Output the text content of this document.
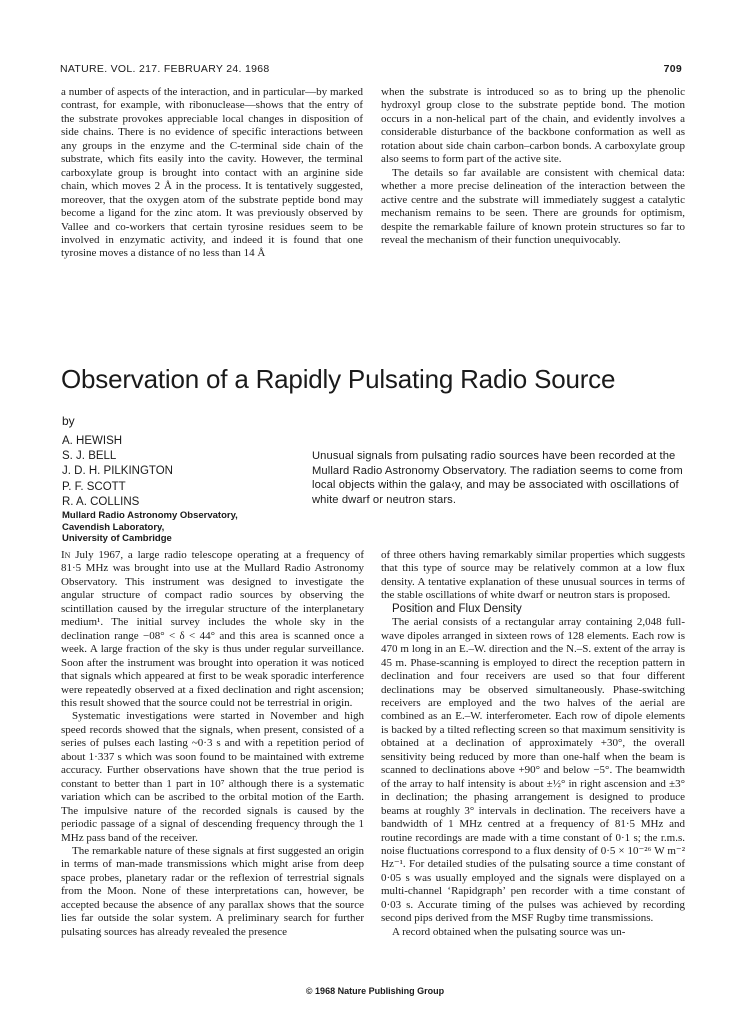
NATURE. VOL. 217. FEBRUARY 24. 1968	709

a number of aspects of the interaction, and in particular—by marked contrast, for example, with ribonuclease—shows that the entry of the substrate provokes appreciable local changes in disposition of side chains. There is no evidence of specific interactions between any groups in the enzyme and the C-terminal side chain of the substrate, which fits easily into the cavity. However, the terminal carboxylate group is brought into contact with an arginine side chain, which moves 2 Å in the process. It is tentatively suggested, moreover, that the oxygen atom of the substrate peptide bond may become a ligand for the zinc atom. It was previously observed by Vallee and co-workers that certain tyrosine residues seem to be involved in enzymatic activity, and indeed it is found that one tyrosine moves a distance of no less than 14 Å

when the substrate is introduced so as to bring up the phenolic hydroxyl group close to the substrate peptide bond. The motion occurs in a non-helical part of the chain, and evidently involves a considerable disturbance of the backbone conformation as well as rotation about side chain carbon–carbon bonds. A carboxylate group also seems to form part of the active site.

The details so far available are consistent with chemical data: whether a more precise delineation of the interaction between the active centre and the substrate will immediately suggest a catalytic mechanism remains to be seen. There are grounds for optimism, despite the remarkable failure of known protein structures so far to reveal the mechanism of their function unequivocably.

Observation of a Rapidly Pulsating Radio Source
by
A. HEWISH
S. J. BELL
J. D. H. PILKINGTON
P. F. SCOTT
R. A. COLLINS
Mullard Radio Astronomy Observatory,
Cavendish Laboratory,
University of Cambridge
Unusual signals from pulsating radio sources have been recorded at the Mullard Radio Astronomy Observatory. The radiation seems to come from local objects within the gala‹y, and may be associated with oscillations of white dwarf or neutron stars.

In July 1967, a large radio telescope operating at a frequency of 81·5 MHz was brought into use at the Mullard Radio Astronomy Observatory. This instrument was designed to investigate the angular structure of compact radio sources by observing the scintillation caused by the irregular structure of the interplanetary medium¹. The initial survey includes the whole sky in the declination range −08° < δ < 44° and this area is scanned once a week. A large fraction of the sky is thus under regular surveillance. Soon after the instrument was brought into operation it was noticed that signals which appeared at first to be weak sporadic interference were repeatedly observed at a fixed declination and right ascension; this result showed that the source could not be terrestrial in origin.

Systematic investigations were started in November and high speed records showed that the signals, when present, consisted of a series of pulses each lasting ~0·3 s and with a repetition period of about 1·337 s which was soon found to be maintained with extreme accuracy. Further observations have shown that the true period is constant to better than 1 part in 10⁷ although there is a systematic variation which can be ascribed to the orbital motion of the Earth. The impulsive nature of the recorded signals is caused by the periodic passage of a signal of descending frequency through the 1 MHz pass band of the receiver.

The remarkable nature of these signals at first suggested an origin in terms of man-made transmissions which might arise from deep space probes, planetary radar or the reflexion of terrestrial signals from the Moon. None of these interpretations can, however, be accepted because the absence of any parallax shows that the source lies far outside the solar system. A preliminary search for further pulsating sources has already revealed the presence

of three others having remarkably similar properties which suggests that this type of source may be relatively common at a low flux density. A tentative explanation of these unusual sources in terms of the stable oscillations of white dwarf or neutron stars is proposed.

Position and Flux Density

The aerial consists of a rectangular array containing 2,048 full-wave dipoles arranged in sixteen rows of 128 elements. Each row is 470 m long in an E.–W. direction and the N.–S. extent of the array is 45 m. Phase-scanning is employed to direct the reception pattern in declination and four receivers are used so that four different declinations may be observed simultaneously. Phase-switching receivers are employed and the two halves of the aerial are combined as an E.–W. interferometer. Each row of dipole elements is backed by a tilted reflecting screen so that maximum sensitivity is obtained at a declination of approximately +30°, the overall sensitivity being reduced by more than one-half when the beam is scanned to declinations above +90° and below −5°. The beamwidth of the array to half intensity is about ±½° in right ascension and ±3° in declination; the phasing arrangement is designed to produce beams at roughly 3° intervals in declination. The receivers have a bandwidth of 1 MHz centred at a frequency of 81·5 MHz and routine recordings are made with a time constant of 0·1 s; the r.m.s. noise fluctuations correspond to a flux density of 0·5 × 10⁻²⁶ W m⁻² Hz⁻¹. For detailed studies of the pulsating source a time constant of 0·05 s was usually employed and the signals were displayed on a multi-channel ‘Rapidgraph’ pen recorder with a time constant of 0·03 s. Accurate timing of the pulses was achieved by recording second pips derived from the MSF Rugby time transmissions.

A record obtained when the pulsating source was un-

© 1968 Nature Publishing Group
